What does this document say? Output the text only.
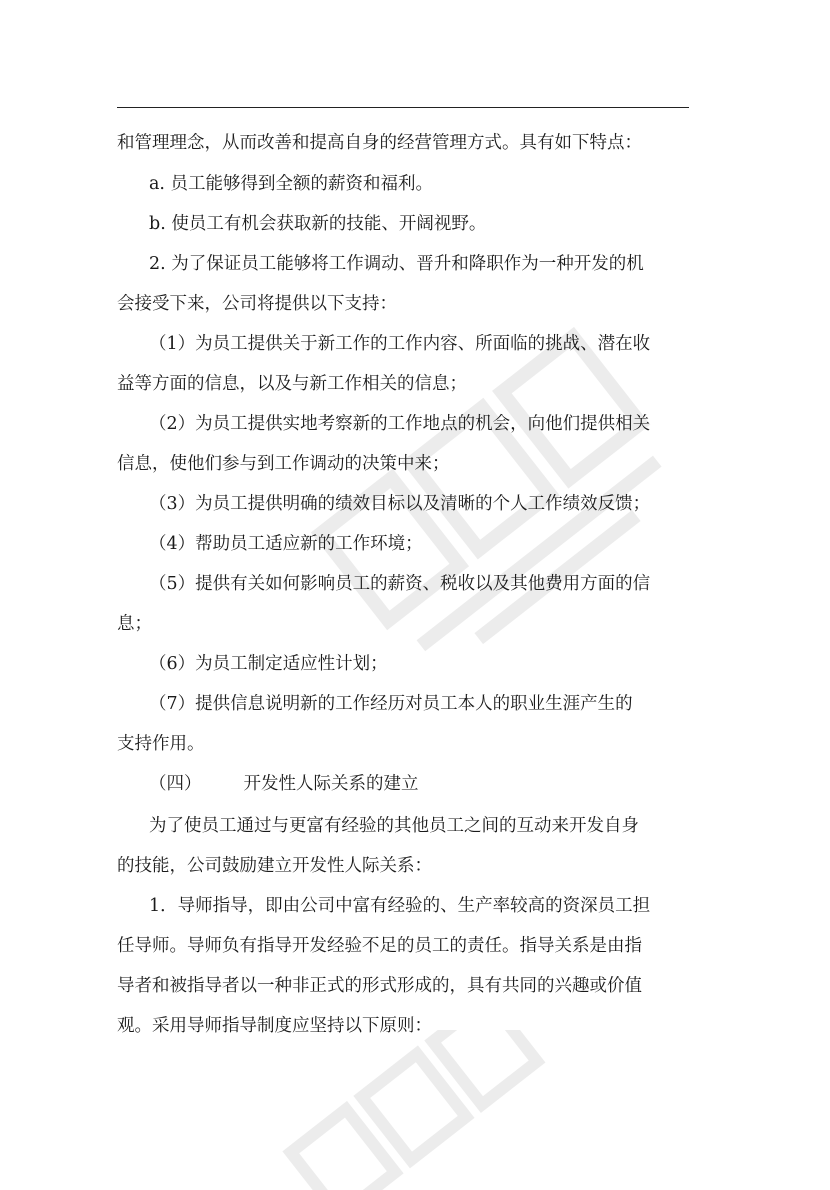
和管理理念，从而改善和提高自身的经营管理方式。具有如下特点：

a. 员工能够得到全额的薪资和福利。

b. 使员工有机会获取新的技能、开阔视野。

2. 为了保证员工能够将工作调动、晋升和降职作为一种开发的机

会接受下来，公司将提供以下支持：

（1）为员工提供关于新工作的工作内容、所面临的挑战、潜在收

益等方面的信息，以及与新工作相关的信息；

（2）为员工提供实地考察新的工作地点的机会，向他们提供相关

信息，使他们参与到工作调动的决策中来；

（3）为员工提供明确的绩效目标以及清晰的个人工作绩效反馈；

（4）帮助员工适应新的工作环境；

（5）提供有关如何影响员工的薪资、税收以及其他费用方面的信

息；

（6）为员工制定适应性计划；

（7）提供信息说明新的工作经历对员工本人的职业生涯产生的

支持作用。

（四） 开发性人际关系的建立

为了使员工通过与更富有经验的其他员工之间的互动来开发自身

的技能，公司鼓励建立开发性人际关系：

1．导师指导，即由公司中富有经验的、生产率较高的资深员工担

任导师。导师负有指导开发经验不足的员工的责任。指导关系是由指

导者和被指导者以一种非正式的形式形成的，具有共同的兴趣或价值

观。采用导师指导制度应坚持以下原则：
